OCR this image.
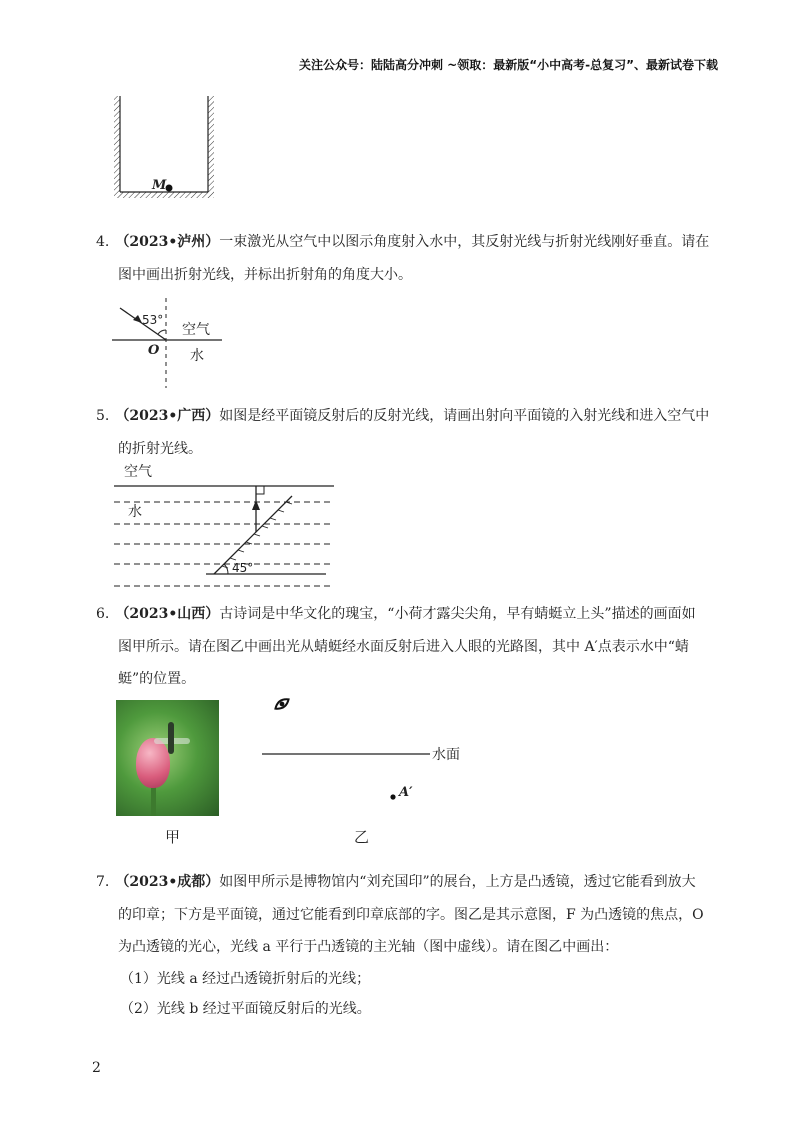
关注公众号：陆陆高分冲刺 ~领取：最新版“小中高考-总复习”、最新试卷下载
M
4. （2023•泸州）一束激光从空气中以图示角度射入水中，其反射光线与折射光线刚好垂直。请在
图中画出折射光线，并标出折射角的角度大小。
53°
空气
水
O
5. （2023•广西）如图是经平面镜反射后的反射光线，请画出射向平面镜的入射光线和进入空气中
的折射光线。
空气
水
45°
6. （2023•山西）古诗词是中华文化的瑰宝，“小荷才露尖尖角，早有蜻蜓立上头”描述的画面如
图甲所示。请在图乙中画出光从蜻蜓经水面反射后进入人眼的光路图，其中 A′点表示水中“蜻
蜓”的位置。
水面
A′
甲	乙
7. （2023•成都）如图甲所示是博物馆内“刘充国印”的展台，上方是凸透镜，透过它能看到放大
的印章；下方是平面镜，通过它能看到印章底部的字。图乙是其示意图，F 为凸透镜的焦点，O
为凸透镜的光心，光线 a 平行于凸透镜的主光轴（图中虚线）。请在图乙中画出：
（1）光线 a 经过凸透镜折射后的光线；
（2）光线 b 经过平面镜反射后的光线。
2
